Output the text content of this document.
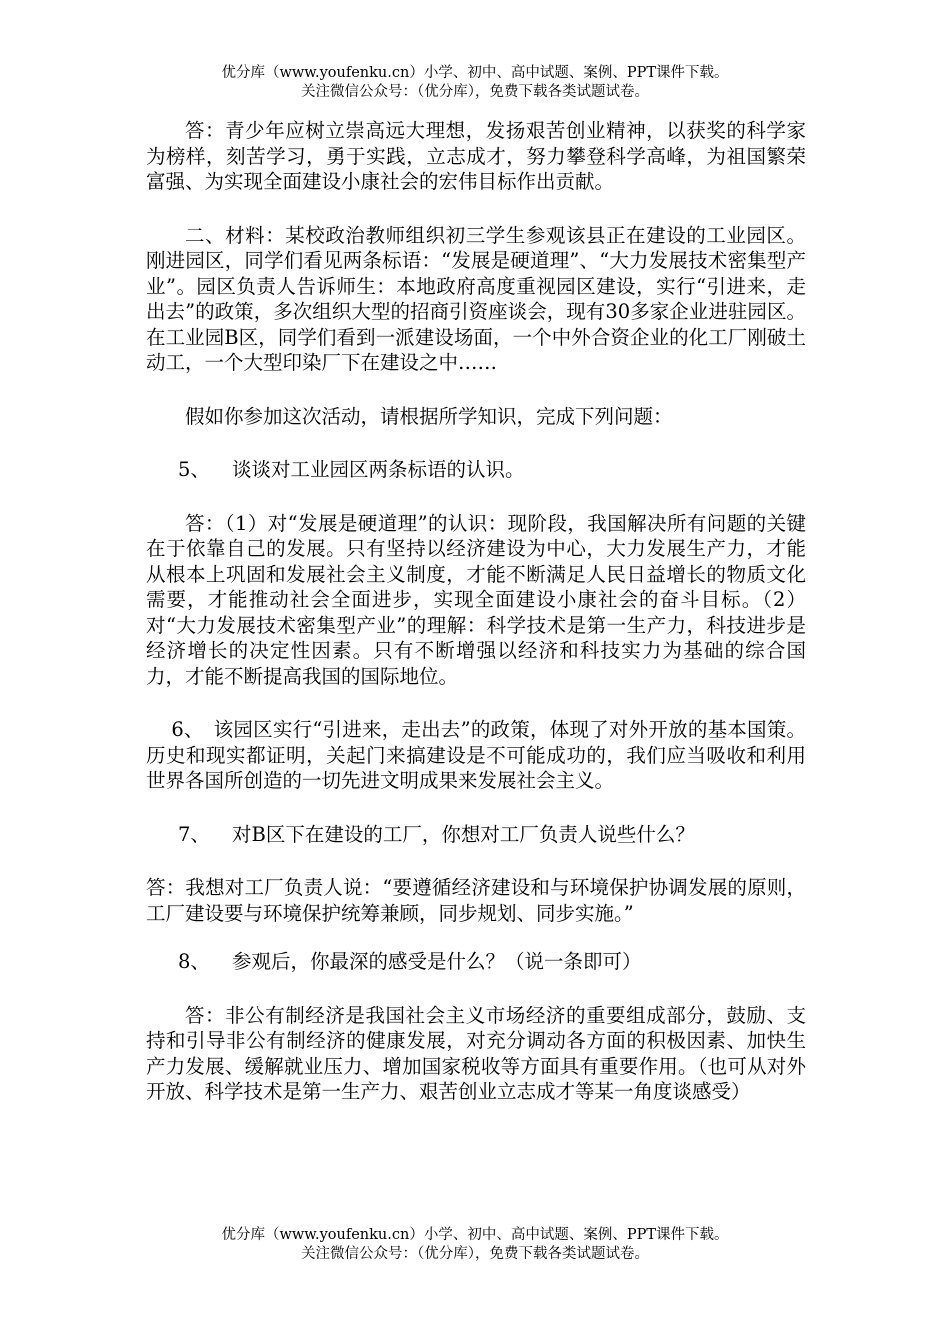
优分库（www.youfenku.cn）小学、初中、高中试题、案例、PPT课件下载。
关注微信公众号：（优分库），免费下载各类试题试卷。

答：青少年应树立崇高远大理想，发扬艰苦创业精神，以获奖的科学家为榜样，刻苦学习，勇于实践，立志成才，努力攀登科学高峰，为祖国繁荣富强、为实现全面建设小康社会的宏伟目标作出贡献。

二、材料：某校政治教师组织初三学生参观该县正在建设的工业园区。刚进园区，同学们看见两条标语：“发展是硬道理”、“大力发展技术密集型产业”。园区负责人告诉师生：本地政府高度重视园区建设，实行“引进来，走出去”的政策，多次组织大型的招商引资座谈会，现有30多家企业进驻园区。在工业园B区，同学们看到一派建设场面，一个中外合资企业的化工厂刚破土动工，一个大型印染厂下在建设之中……

假如你参加这次活动，请根据所学知识，完成下列问题：

5、 谈谈对工业园区两条标语的认识。

答：（1）对“发展是硬道理”的认识：现阶段，我国解决所有问题的关键在于依靠自己的发展。只有坚持以经济建设为中心，大力发展生产力，才能从根本上巩固和发展社会主义制度，才能不断满足人民日益增长的物质文化需要，才能推动社会全面进步，实现全面建设小康社会的奋斗目标。（2）对“大力发展技术密集型产业”的理解：科学技术是第一生产力，科技进步是经济增长的决定性因素。只有不断增强以经济和科技实力为基础的综合国力，才能不断提高我国的国际地位。

6、　该园区实行“引进来，走出去”的政策，体现了对外开放的基本国策。历史和现实都证明，关起门来搞建设是不可能成功的，我们应当吸收和利用世界各国所创造的一切先进文明成果来发展社会主义。

7、 对B区下在建设的工厂，你想对工厂负责人说些什么？

答：我想对工厂负责人说：“要遵循经济建设和与环境保护协调发展的原则，工厂建设要与环境保护统筹兼顾，同步规划、同步实施。”

8、 参观后，你最深的感受是什么？（说一条即可）

答：非公有制经济是我国社会主义市场经济的重要组成部分，鼓励、支持和引导非公有制经济的健康发展，对充分调动各方面的积极因素、加快生产力发展、缓解就业压力、增加国家税收等方面具有重要作用。（也可从对外开放、科学技术是第一生产力、艰苦创业立志成才等某一角度谈感受）

优分库（www.youfenku.cn）小学、初中、高中试题、案例、PPT课件下载。
关注微信公众号：（优分库），免费下载各类试题试卷。
